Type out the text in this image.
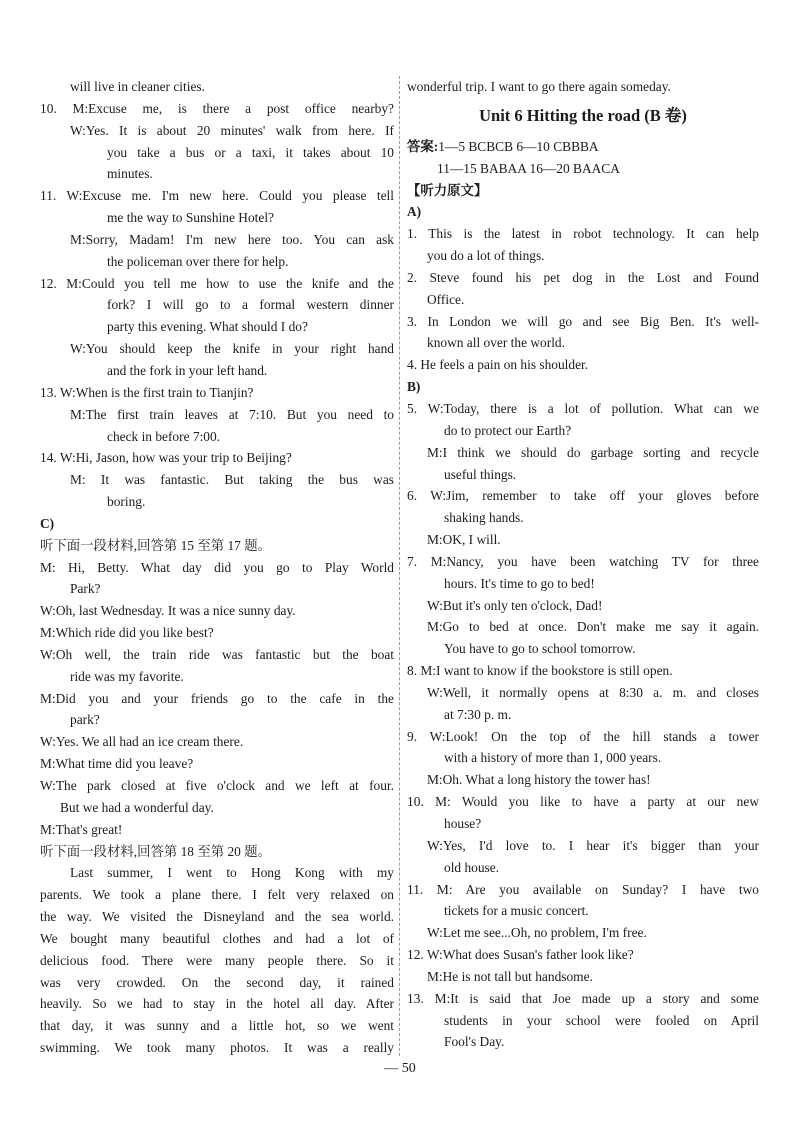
will live in cleaner cities.
10. M:Excuse me, is there a post office nearby?
W:Yes. It is about 20 minutes' walk from here. If
you take a bus or a taxi, it takes about 10
minutes.
11. W:Excuse me. I'm new here. Could you please tell
me the way to Sunshine Hotel?
M:Sorry, Madam! I'm new here too. You can ask
the policeman over there for help.
12. M:Could you tell me how to use the knife and the
fork? I will go to a formal western dinner
party this evening. What should I do?
W:You should keep the knife in your right hand
and the fork in your left hand.
13. W:When is the first train to Tianjin?
M:The first train leaves at 7:10. But you need to
check in before 7:00.
14. W:Hi, Jason, how was your trip to Beijing?
M: It was fantastic. But taking the bus was
boring.
C)
听下面一段材料,回答第 15 至第 17 题。
M: Hi, Betty. What day did you go to Play World
Park?
W:Oh, last Wednesday. It was a nice sunny day.
M:Which ride did you like best?
W:Oh well, the train ride was fantastic but the boat
ride was my favorite.
M:Did you and your friends go to the cafe in the
park?
W:Yes. We all had an ice cream there.
M:What time did you leave?
W:The park closed at five o'clock and we left at four.
But we had a wonderful day.
M:That's great!
听下面一段材料,回答第 18 至第 20 题。
Last summer, I went to Hong Kong with my
parents. We took a plane there. I felt very relaxed on
the way. We visited the Disneyland and the sea world.
We bought many beautiful clothes and had a lot of
delicious food. There were many people there. So it
was very crowded. On the second day, it rained
heavily. So we had to stay in the hotel all day. After
that day, it was sunny and a little hot, so we went
swimming. We took many photos. It was a really
wonderful trip. I want to go there again someday.
Unit 6 Hitting the road (B 卷)
答案:1—5 BCBCB 6—10 CBBBA
11—15 BABAA 16—20 BAACA
【听力原文】
A)
1. This is the latest in robot technology. It can help
you do a lot of things.
2. Steve found his pet dog in the Lost and Found
Office.
3. In London we will go and see Big Ben. It's well-
known all over the world.
4. He feels a pain on his shoulder.
B)
5. W:Today, there is a lot of pollution. What can we
do to protect our Earth?
M:I think we should do garbage sorting and recycle
useful things.
6. W:Jim, remember to take off your gloves before
shaking hands.
M:OK, I will.
7. M:Nancy, you have been watching TV for three
hours. It's time to go to bed!
W:But it's only ten o'clock, Dad!
M:Go to bed at once. Don't make me say it again.
You have to go to school tomorrow.
8. M:I want to know if the bookstore is still open.
W:Well, it normally opens at 8:30 a. m. and closes
at 7:30 p. m.
9. W:Look! On the top of the hill stands a tower
with a history of more than 1, 000 years.
M:Oh. What a long history the tower has!
10. M: Would you like to have a party at our new
house?
W:Yes, I'd love to. I hear it's bigger than your
old house.
11. M: Are you available on Sunday? I have two
tickets for a music concert.
W:Let me see...Oh, no problem, I'm free.
12. W:What does Susan's father look like?
M:He is not tall but handsome.
13. M:It is said that Joe made up a story and some
students in your school were fooled on April
Fool's Day.
— 50
